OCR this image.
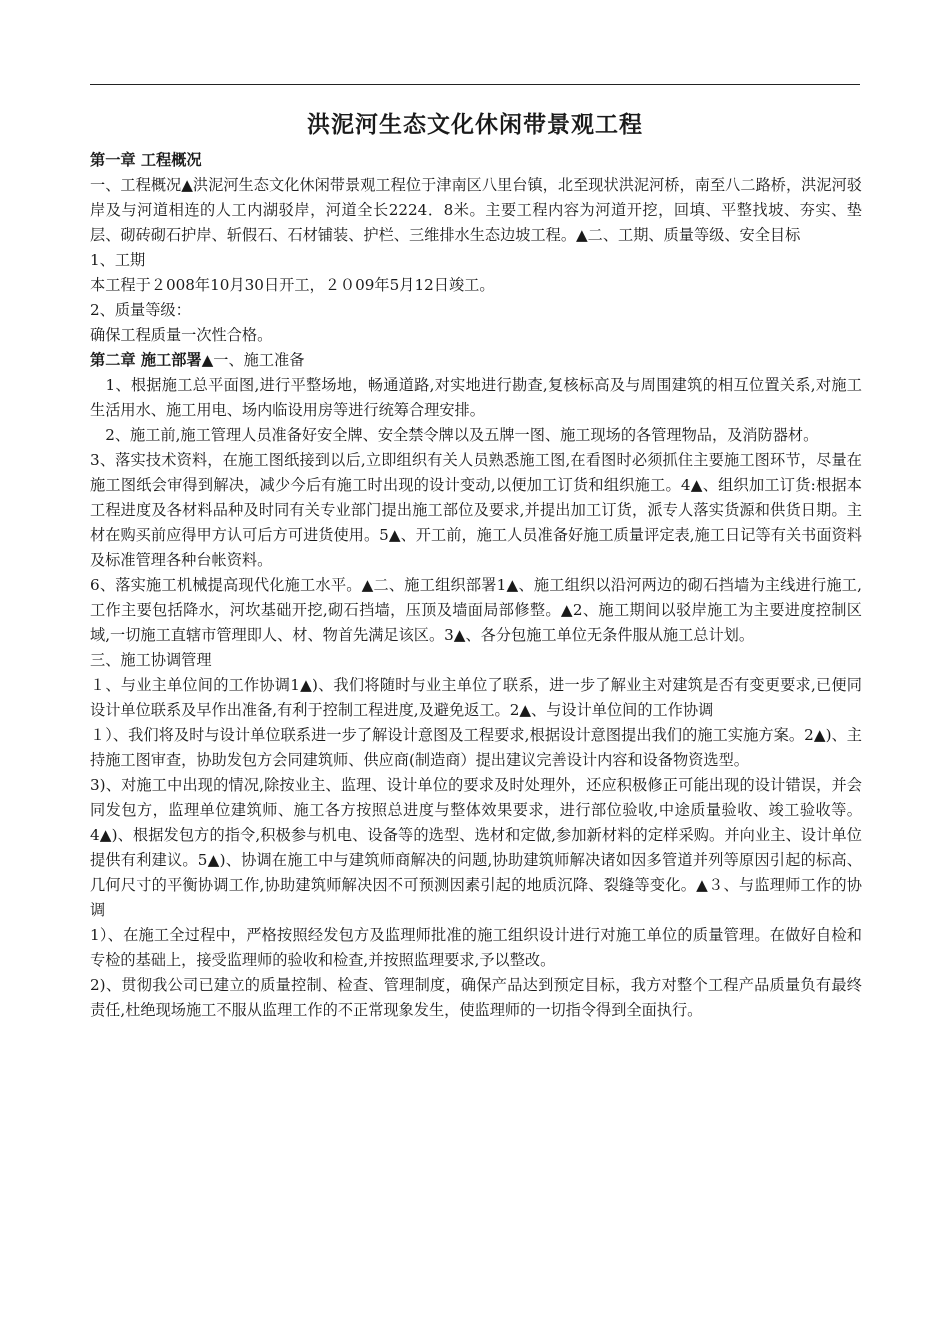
洪泥河生态文化休闲带景观工程

第一章 工程概况

一、工程概况▲洪泥河生态文化休闲带景观工程位于津南区八里台镇，北至现状洪泥河桥，南至八二路桥，洪泥河驳岸及与河道相连的人工内湖驳岸，河道全长2224．8米。主要工程内容为河道开挖，回填、平整找坡、夯实、垫层、砌砖砌石护岸、斩假石、石材铺装、护栏、三维排水生态边坡工程。▲二、工期、质量等级、安全目标

1、工期

本工程于２008年10月30日开工，２０09年5月12日竣工。

2、质量等级：

确保工程质量一次性合格。

第二章 施工部署▲一、施工准备

　1、根据施工总平面图,进行平整场地，畅通道路,对实地进行勘查,复核标高及与周围建筑的相互位置关系,对施工生活用水、施工用电、场内临设用房等进行统筹合理安排。

　2、施工前,施工管理人员准备好安全牌、安全禁令牌以及五牌一图、施工现场的各管理物品，及消防器材。

3、落实技术资料，在施工图纸接到以后,立即组织有关人员熟悉施工图,在看图时必须抓住主要施工图环节，尽量在施工图纸会审得到解决，减少今后有施工时出现的设计变动,以便加工订货和组织施工。4▲、组织加工订货:根据本工程进度及各材料品种及时同有关专业部门提出施工部位及要求,并提出加工订货，派专人落实货源和供货日期。主材在购买前应得甲方认可后方可进货使用。5▲、开工前，施工人员准备好施工质量评定表,施工日记等有关书面资料及标准管理各种台帐资料。

6、落实施工机械提高现代化施工水平。▲二、施工组织部署1▲、施工组织以沿河两边的砌石挡墙为主线进行施工,工作主要包括降水，河坎基础开挖,砌石挡墙，压顶及墙面局部修整。▲2、施工期间以驳岸施工为主要进度控制区域,一切施工直辖市管理即人、材、物首先满足该区。3▲、各分包施工单位无条件服从施工总计划。

三、施工协调管理

１、与业主单位间的工作协调1▲)、我们将随时与业主单位了联系，进一步了解业主对建筑是否有变更要求,已便同设计单位联系及早作出准备,有利于控制工程进度,及避免返工。2▲、与设计单位间的工作协调

１）、我们将及时与设计单位联系进一步了解设计意图及工程要求,根据设计意图提出我们的施工实施方案。2▲)、主持施工图审查，协助发包方会同建筑师、供应商(制造商）提出建议完善设计内容和设备物资选型。

3)、对施工中出现的情况,除按业主、监理、设计单位的要求及时处理外，还应积极修正可能出现的设计错误，并会同发包方，监理单位建筑师、施工各方按照总进度与整体效果要求，进行部位验收,中途质量验收、竣工验收等。4▲)、根据发包方的指令,积极参与机电、设备等的选型、选材和定做,参加新材料的定样采购。并向业主、设计单位提供有利建议。5▲)、协调在施工中与建筑师商解决的问题,协助建筑师解决诸如因多管道并列等原因引起的标高、几何尺寸的平衡协调工作,协助建筑师解决因不可预测因素引起的地质沉降、裂缝等变化。▲３、与监理师工作的协调

1）、在施工全过程中，严格按照经发包方及监理师批准的施工组织设计进行对施工单位的质量管理。在做好自检和专检的基础上，接受监理师的验收和检查,并按照监理要求,予以整改。

2)、贯彻我公司已建立的质量控制、检查、管理制度，确保产品达到预定目标，我方对整个工程产品质量负有最终责任,杜绝现场施工不服从监理工作的不正常现象发生，使监理师的一切指令得到全面执行。
